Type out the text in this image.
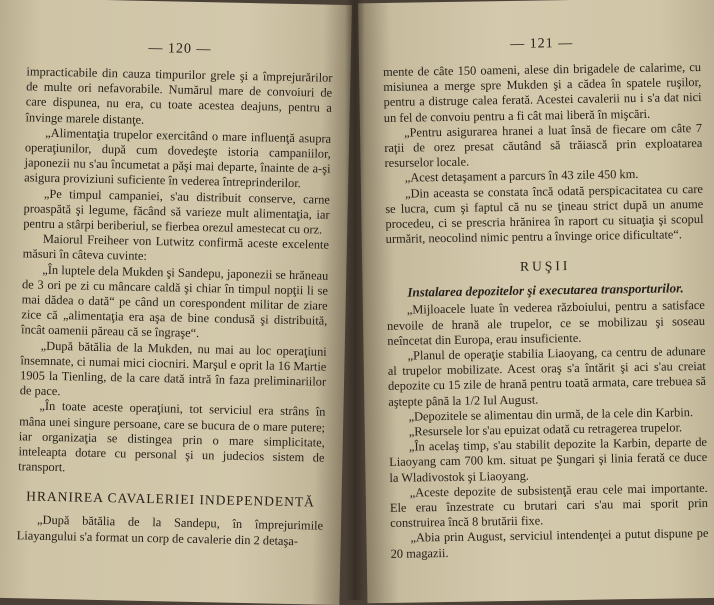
— 120 —

impracticabile din cauza timpurilor grele şi a împrejurărilor de multe ori nefavorabile. Numărul mare de convoiuri de care dispunea, nu era, cu toate acestea deajuns, pentru a învinge marele distanţe.

„Alimentaţia trupelor exercitând o mare influenţă asupra operaţiunilor, după cum dovedeşte istoria campaniilor, japonezii nu s'au încumetat a păşi mai departe, înainte de a-şi asigura proviziuni suficiente în vederea întreprinderilor.

„Pe timpul campaniei, s'au distribuit conserve, carne proaspătă şi legume, făcând să varieze mult alimentaţia, iar pentru a stârpi beriberiul, se fierbea orezul amestecat cu orz.

Maiorul Freiheer von Lutwitz confirmă aceste excelente măsuri în câteva cuvinte:

„În luptele dela Mukden şi Sandepu, japonezii se hrăneau de 3 ori pe zi cu mâncare caldă şi chiar în timpul nopţii li se mai dădea o dată“ pe când un corespondent militar de ziare zice că „alimentaţia era aşa de bine condusă şi distribuită, încât oamenii păreau că se îngraşe“.

„După bătălia de la Mukden, nu mai au loc operaţiuni însemnate, ci numai mici ciocniri. Marşul e oprit la 16 Martie 1905 la Tienling, de la care dată intră în faza preliminariilor de pace.

„În toate aceste operaţiuni, tot serviciul era strâns în mâna unei singure persoane, care se bucura de o mare putere; iar organizaţia se distingea prin o mare simplicitate, inteleapta dotare cu personal şi un judecios sistem de transport.

HRANIREA CAVALERIEI INDEPENDENTĂ

„După bătălia de la Sandepu, în împrejurimile Liayangului s'a format un corp de cavalerie din 2 detaşa-

— 121 —

mente de câte 150 oameni, alese din brigadele de calarime, cu misiunea a merge spre Mukden şi a cădea în spatele ruşilor, pentru a distruge calea ferată. Acestei cavalerii nu i s'a dat nici un fel de convoiu pentru a fi cât mai liberă în mişcări.

„Pentru asigurarea hranei a luat însă de fiecare om câte 7 raţii de orez presat căutând să trăiască prin exploatarea resurselor locale.

„Acest detaşament a parcurs în 43 zile 450 km.

„Din aceasta se constata încă odată perspicacitatea cu care se lucra, cum şi faptul că nu se ţineau strict după un anume procedeu, ci se prescria hrănirea în raport cu situaţia şi scopul urmărit, neocolind nimic pentru a învinge orice dificultate“.

RUŞII
Instalarea depozitelor şi executarea transporturilor.

„Mijloacele luate în vederea războiului, pentru a satisface nevoile de hrană ale trupelor, ce se mobilizau şi soseau neîncetat din Europa, erau insuficiente.

„Planul de operaţie stabilia Liaoyang, ca centru de adunare al trupelor mobilizate. Acest oraş s'a întărit şi aci s'au creiat depozite cu 15 zile de hrană pentru toată armata, care trebuea să aştepte până la 1/2 Iul August.

„Depozitele se alimentau din urmă, de la cele din Karbin.

„Resursele lor s'au epuizat odată cu retragerea trupelor.

„În acelaş timp, s'au stabilit depozite la Karbin, departe de Liaoyang cam 700 km. situat pe Şungari şi linia ferată ce duce la Wladivostok şi Liaoyang.

„Aceste depozite de subsistenţă erau cele mai importante. Ele erau înzestrate cu brutari cari s'au mai sporit prin construirea încă 8 brutării fixe.

„Abia prin August, serviciul intendenţei a putut dispune pe 20 magazii.
